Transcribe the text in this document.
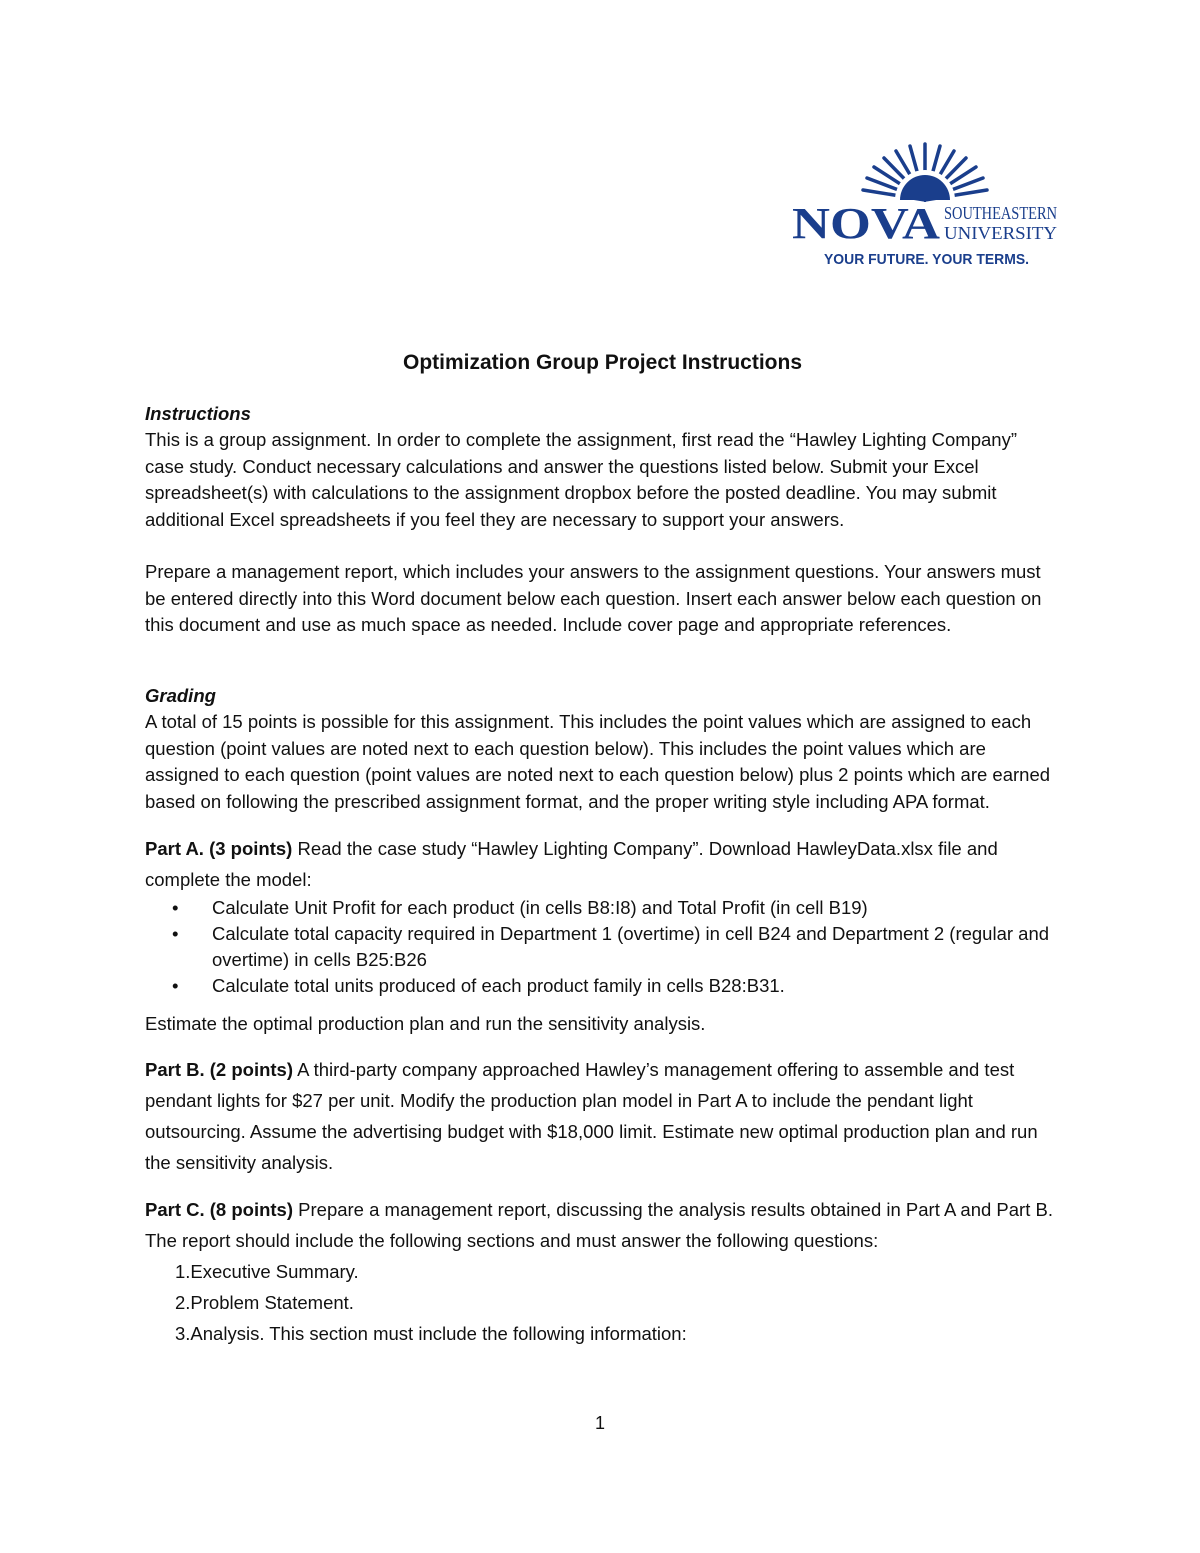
NOVA SOUTHEASTERN
UNIVERSITY
YOUR FUTURE. YOUR TERMS.
Optimization Group Project Instructions
Instructions

This is a group assignment. In order to complete the assignment, first read the “Hawley Lighting Company” case study. Conduct necessary calculations and answer the questions listed below. Submit your Excel spreadsheet(s) with calculations to the assignment dropbox before the posted deadline. You may submit additional Excel spreadsheets if you feel they are necessary to support your answers.

Prepare a management report, which includes your answers to the assignment questions. Your answers must be entered directly into this Word document below each question. Insert each answer below each question on this document and use as much space as needed. Include cover page and appropriate references.

Grading

A total of 15 points is possible for this assignment. This includes the point values which are assigned to each question (point values are noted next to each question below). This includes the point values which are assigned to each question (point values are noted next to each question below) plus 2 points which are earned based on following the prescribed assignment format, and the proper writing style including APA format.

Part A. (3 points) Read the case study “Hawley Lighting Company”. Download HawleyData.xlsx file and complete the model:

• Calculate Unit Profit for each product (in cells B8:I8) and Total Profit (in cell B19)
• Calculate total capacity required in Department 1 (overtime) in cell B24 and Department 2 (regular and overtime) in cells B25:B26
• Calculate total units produced of each product family in cells B28:B31.

Estimate the optimal production plan and run the sensitivity analysis.

Part B. (2 points) A third-party company approached Hawley’s management offering to assemble and test pendant lights for $27 per unit. Modify the production plan model in Part A to include the pendant light outsourcing. Assume the advertising budget with $18,000 limit. Estimate new optimal production plan and run the sensitivity analysis.

Part C. (8 points) Prepare a management report, discussing the analysis results obtained in Part A and Part B. The report should include the following sections and must answer the following questions:

1.Executive Summary.
2.Problem Statement.
3.Analysis. This section must include the following information:
1
